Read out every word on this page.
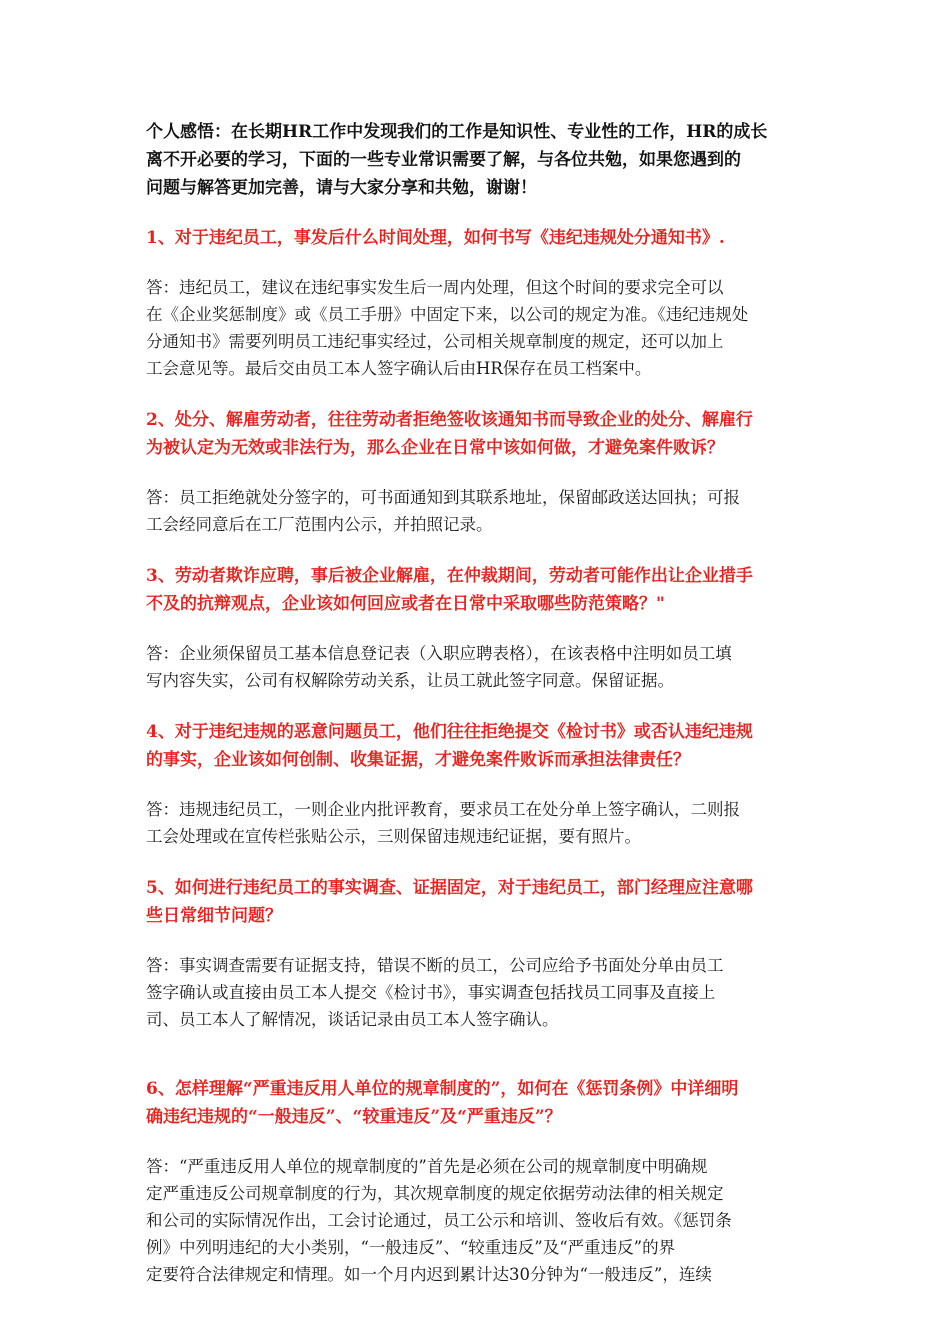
个人感悟：在长期HR工作中发现我们的工作是知识性、专业性的工作，HR的成长
离不开必要的学习，下面的一些专业常识需要了解，与各位共勉，如果您遇到的
问题与解答更加完善，请与大家分享和共勉，谢谢！

1、对于违纪员工，事发后什么时间处理，如何书写《违纪违规处分通知书》.

答：违纪员工，建议在违纪事实发生后一周内处理，但这个时间的要求完全可以
在《企业奖惩制度》或《员工手册》中固定下来，以公司的规定为准。《违纪违规处
分通知书》需要列明员工违纪事实经过，公司相关规章制度的规定，还可以加上
工会意见等。最后交由员工本人签字确认后由HR保存在员工档案中。

2、处分、解雇劳动者，往往劳动者拒绝签收该通知书而导致企业的处分、解雇行
为被认定为无效或非法行为，那么企业在日常中该如何做，才避免案件败诉？

答：员工拒绝就处分签字的，可书面通知到其联系地址，保留邮政送达回执；可报
工会经同意后在工厂范围内公示，并拍照记录。

3、劳动者欺诈应聘，事后被企业解雇，在仲裁期间，劳动者可能作出让企业措手
不及的抗辩观点，企业该如何回应或者在日常中采取哪些防范策略？"

答：企业须保留员工基本信息登记表（入职应聘表格），在该表格中注明如员工填
写内容失实，公司有权解除劳动关系，让员工就此签字同意。保留证据。

4、对于违纪违规的恶意问题员工，他们往往拒绝提交《检讨书》或否认违纪违规
的事实，企业该如何创制、收集证据，才避免案件败诉而承担法律责任？

答：违规违纪员工，一则企业内批评教育，要求员工在处分单上签字确认，二则报
工会处理或在宣传栏张贴公示，三则保留违规违纪证据，要有照片。

5、如何进行违纪员工的事实调查、证据固定，对于违纪员工，部门经理应注意哪
些日常细节问题？

答：事实调查需要有证据支持，错误不断的员工，公司应给予书面处分单由员工
签字确认或直接由员工本人提交《检讨书》，事实调查包括找员工同事及直接上
司、员工本人了解情况，谈话记录由员工本人签字确认。

6、怎样理解“严重违反用人单位的规章制度的”，如何在《惩罚条例》中详细明
确违纪违规的“一般违反”、“较重违反”及“严重违反”？

答：“严重违反用人单位的规章制度的”首先是必须在公司的规章制度中明确规
定严重违反公司规章制度的行为，其次规章制度的规定依据劳动法律的相关规定
和公司的实际情况作出，工会讨论通过，员工公示和培训、签收后有效。《惩罚条
例》中列明违纪的大小类别，“一般违反”、“较重违反”及“严重违反”的界
定要符合法律规定和情理。如一个月内迟到累计达30分钟为“一般违反”，连续
